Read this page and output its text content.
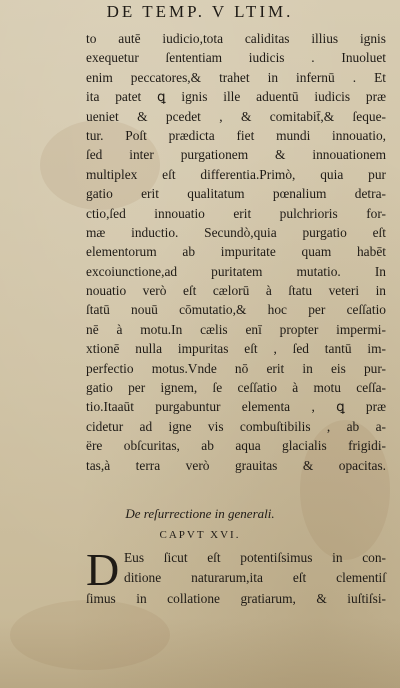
DE TEMP. V LTIM.
to autē iudicio,tota caliditas illius ignis
exequetur ſententiam iudicis . Inuoluet
enim peccatores,& trahet in infernū . Et
ita patet ꝗ ignis ille aduentū iudicis præ
ueniet & pcedet , & comitabit̄,& ſeque-
tur. Poſt prædicta fiet mundi innouatio,
ſed inter purgationem & innouationem
multiplex eſt differentia.Primò, quia pur
gatio erit qualitatum pœnalium detra-
ctio,ſed innouatio erit pulchrioris for-
mæ inductio. Secundò,quia purgatio eſt
elementorum ab impuritate quam habēt
excoiunctione,ad puritatem mutatio. In
nouatio verò eſt cælorū à ſtatu veteri in
ſtatū nouū cōmutatio,& hoc per ceſſatio
nē à motu.In cælis enī propter impermi-
xtionē nulla impuritas eſt , ſed tantū im-
perfectio motus.Vnde nō erit in eis pur-
gatio per ignem, ſe ceſſatio à motu ceſſa-
tio.Itaaūt purgabuntur elementa , ꝗ præ
cidetur ad igne vis combuſtibilis , ab a-
ëre obſcuritas, ab aqua glacialis frigidi-
tas,à terra verò grauitas & opacitas.
De reſurrectione in generali.
CAPVT XVI.
D Eus ſicut eſt potentiſsimus in con-
ditione naturarum,ita eſt clementiſ
ſimus in collatione gratiarum, & iuſtiſsi-
